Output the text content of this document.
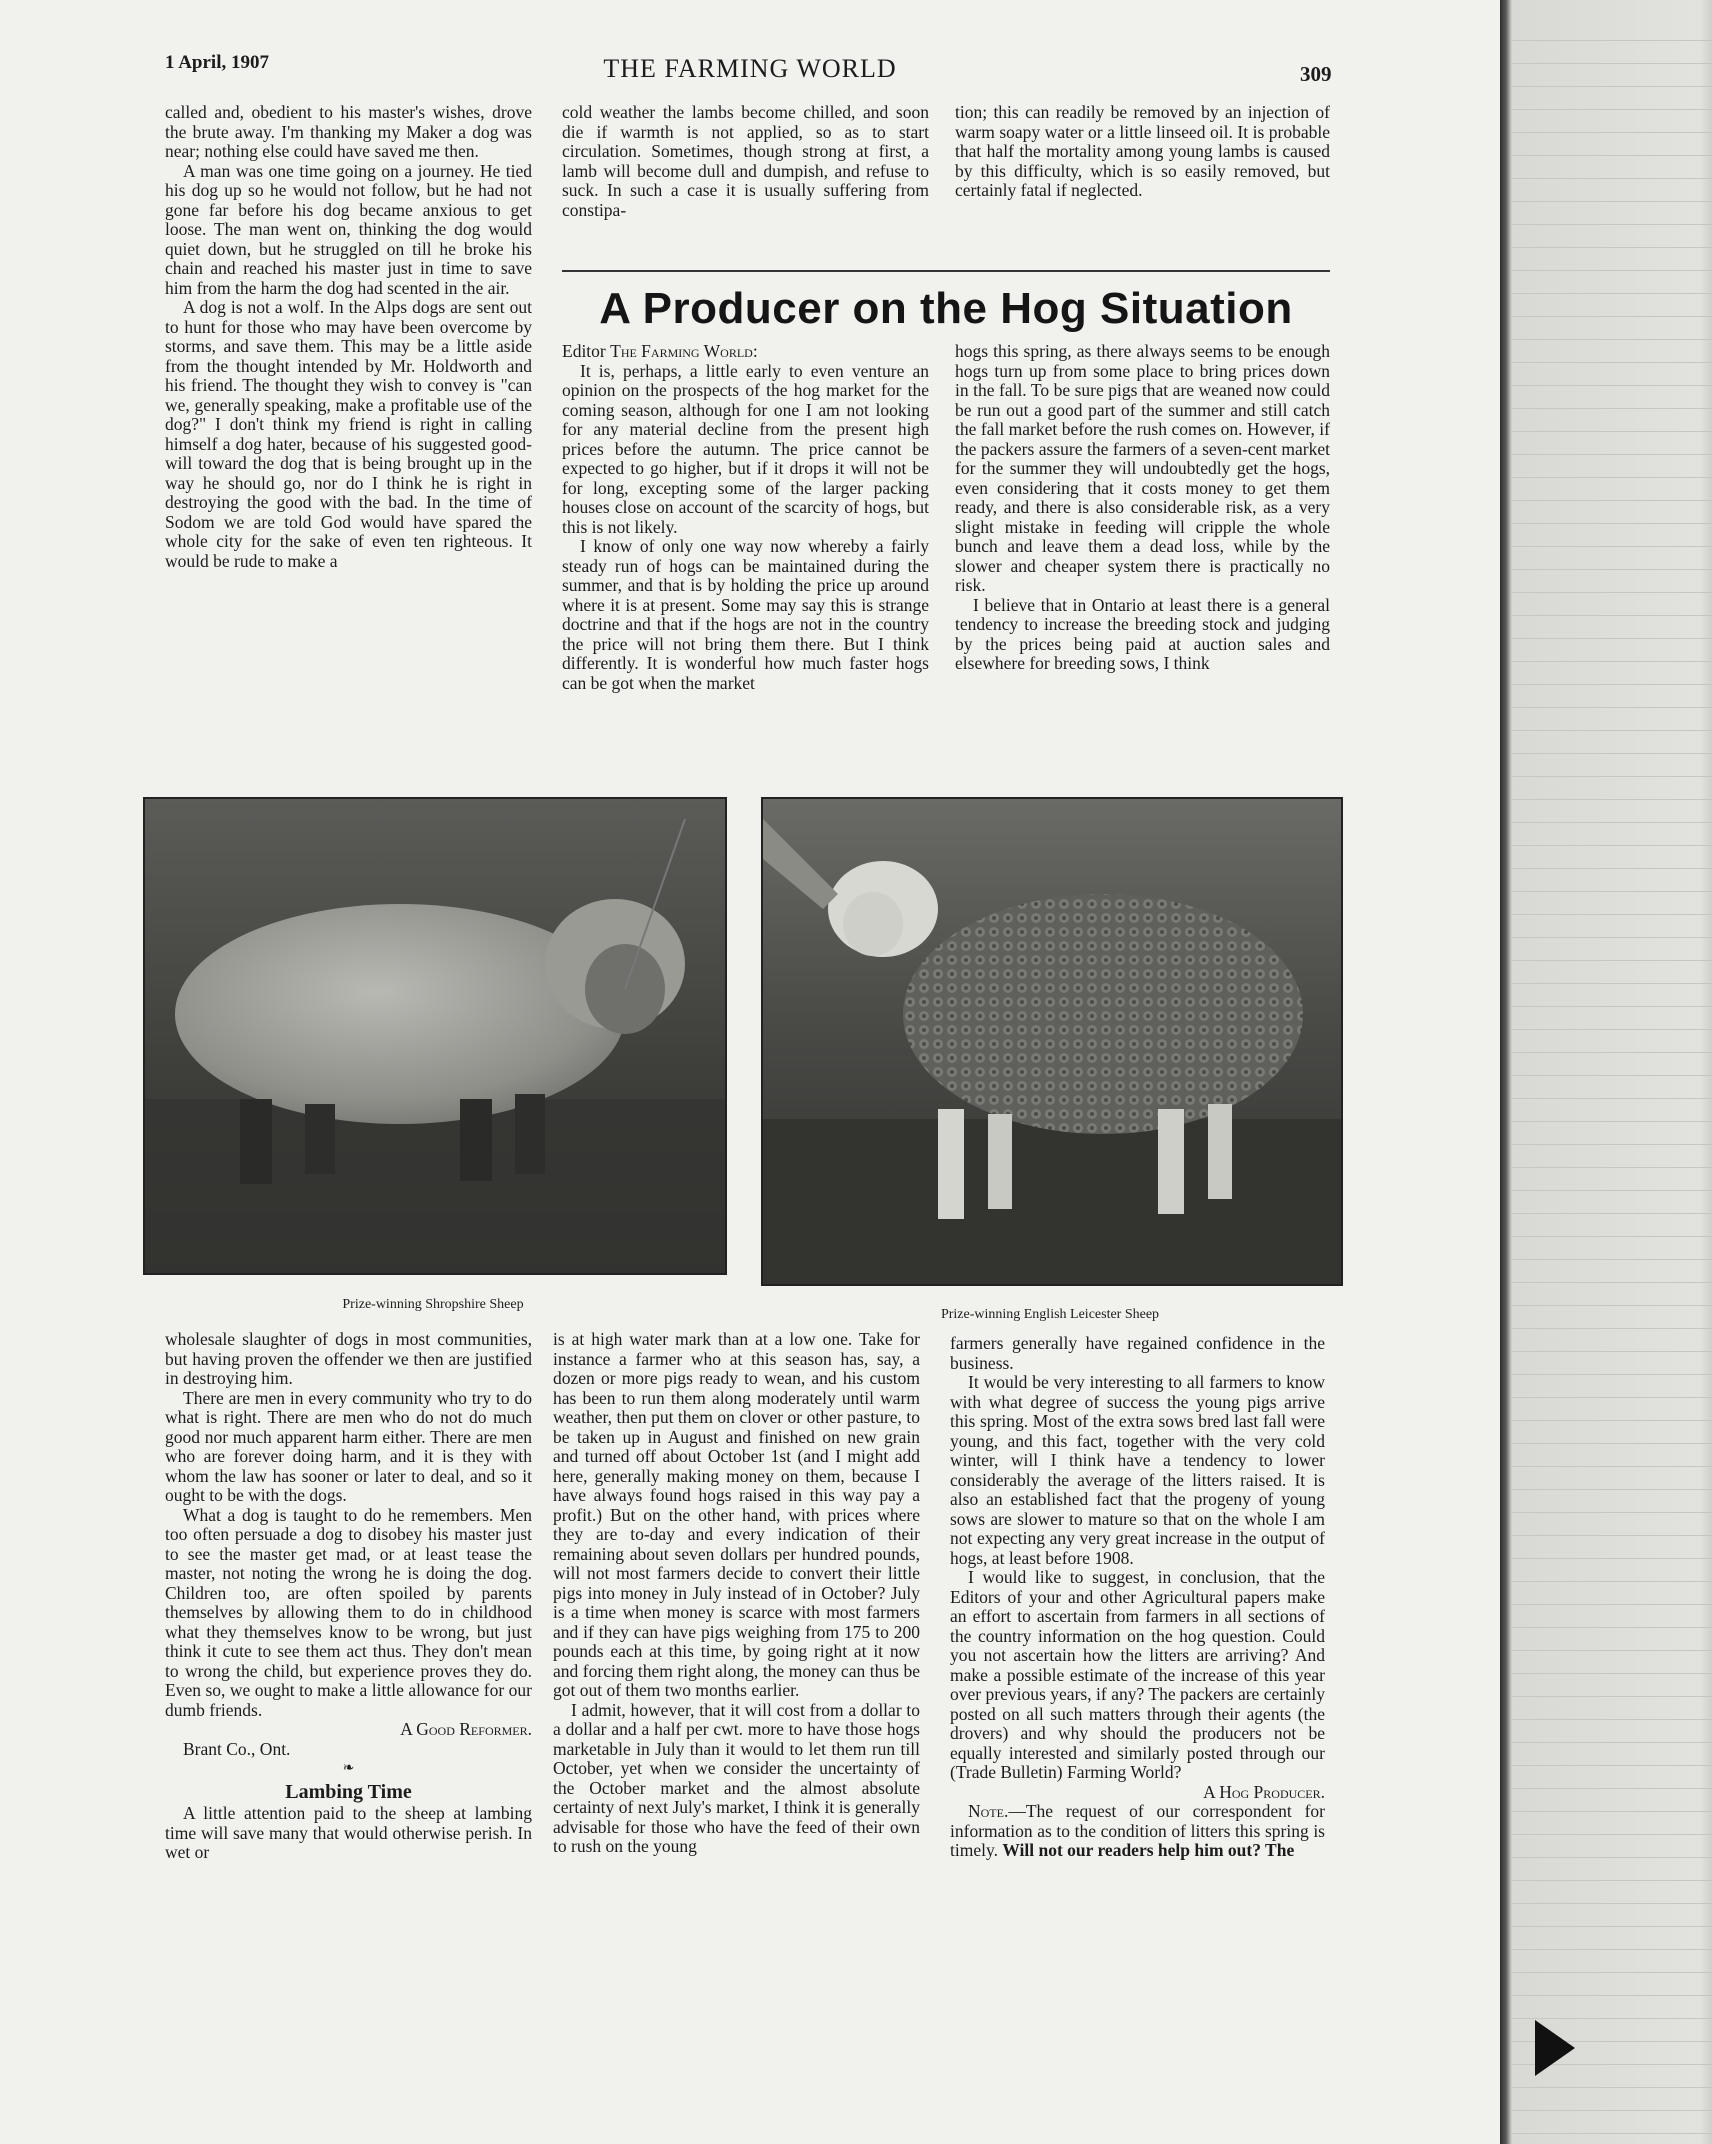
1 April, 1907	THE FARMING WORLD	309

called and, obedient to his master's wishes, drove the brute away. I'm thanking my Maker a dog was near; nothing else could have saved me then.

A man was one time going on a journey. He tied his dog up so he would not follow, but he had not gone far before his dog became anxious to get loose. The man went on, thinking the dog would quiet down, but he struggled on till he broke his chain and reached his master just in time to save him from the harm the dog had scented in the air.

A dog is not a wolf. In the Alps dogs are sent out to hunt for those who may have been overcome by storms, and save them. This may be a little aside from the thought intended by Mr. Holdworth and his friend. The thought they wish to convey is "can we, generally speaking, make a profitable use of the dog?" I don't think my friend is right in calling himself a dog hater, because of his suggested good-will toward the dog that is being brought up in the way he should go, nor do I think he is right in destroying the good with the bad. In the time of Sodom we are told God would have spared the whole city for the sake of even ten righteous. It would be rude to make a

cold weather the lambs become chilled, and soon die if warmth is not applied, so as to start circulation. Sometimes, though strong at first, a lamb will become dull and dumpish, and refuse to suck. In such a case it is usually suffering from constipa-

tion; this can readily be removed by an injection of warm soapy water or a little linseed oil. It is probable that half the mortality among young lambs is caused by this difficulty, which is so easily removed, but certainly fatal if neglected.

A Producer on the Hog Situation

Editor The Farming World:

It is, perhaps, a little early to even venture an opinion on the prospects of the hog market for the coming season, although for one I am not looking for any material decline from the present high prices before the autumn. The price cannot be expected to go higher, but if it drops it will not be for long, excepting some of the larger packing houses close on account of the scarcity of hogs, but this is not likely.

I know of only one way now whereby a fairly steady run of hogs can be maintained during the summer, and that is by holding the price up around where it is at present. Some may say this is strange doctrine and that if the hogs are not in the country the price will not bring them there. But I think differently. It is wonderful how much faster hogs can be got when the market

hogs this spring, as there always seems to be enough hogs turn up from some place to bring prices down in the fall. To be sure pigs that are weaned now could be run out a good part of the summer and still catch the fall market before the rush comes on. However, if the packers assure the farmers of a seven-cent market for the summer they will undoubtedly get the hogs, even considering that it costs money to get them ready, and there is also considerable risk, as a very slight mistake in feeding will cripple the whole bunch and leave them a dead loss, while by the slower and cheaper system there is practically no risk.

I believe that in Ontario at least there is a general tendency to increase the breeding stock and judging by the prices being paid at auction sales and elsewhere for breeding sows, I think

Prize-winning Shropshire Sheep
Prize-winning English Leicester Sheep

wholesale slaughter of dogs in most communities, but having proven the offender we then are justified in destroying him.

There are men in every community who try to do what is right. There are men who do not do much good nor much apparent harm either. There are men who are forever doing harm, and it is they with whom the law has sooner or later to deal, and so it ought to be with the dogs.

What a dog is taught to do he remembers. Men too often persuade a dog to disobey his master just to see the master get mad, or at least tease the master, not noting the wrong he is doing the dog. Children too, are often spoiled by parents themselves by allowing them to do in childhood what they themselves know to be wrong, but just think it cute to see them act thus. They don't mean to wrong the child, but experience proves they do. Even so, we ought to make a little allowance for our dumb friends.

A Good Reformer.

Brant Co., Ont.

❧

Lambing Time

A little attention paid to the sheep at lambing time will save many that would otherwise perish. In wet or

is at high water mark than at a low one. Take for instance a farmer who at this season has, say, a dozen or more pigs ready to wean, and his custom has been to run them along moderately until warm weather, then put them on clover or other pasture, to be taken up in August and finished on new grain and turned off about October 1st (and I might add here, generally making money on them, because I have always found hogs raised in this way pay a profit.) But on the other hand, with prices where they are to-day and every indication of their remaining about seven dollars per hundred pounds, will not most farmers decide to convert their little pigs into money in July instead of in October? July is a time when money is scarce with most farmers and if they can have pigs weighing from 175 to 200 pounds each at this time, by going right at it now and forcing them right along, the money can thus be got out of them two months earlier.

I admit, however, that it will cost from a dollar to a dollar and a half per cwt. more to have those hogs marketable in July than it would to let them run till October, yet when we consider the uncertainty of the October market and the almost absolute certainty of next July's market, I think it is generally advisable for those who have the feed of their own to rush on the young

farmers generally have regained confidence in the business.

It would be very interesting to all farmers to know with what degree of success the young pigs arrive this spring. Most of the extra sows bred last fall were young, and this fact, together with the very cold winter, will I think have a tendency to lower considerably the average of the litters raised. It is also an established fact that the progeny of young sows are slower to mature so that on the whole I am not expecting any very great increase in the output of hogs, at least before 1908.

I would like to suggest, in conclusion, that the Editors of your and other Agricultural papers make an effort to ascertain from farmers in all sections of the country information on the hog question. Could you not ascertain how the litters are arriving? And make a possible estimate of the increase of this year over previous years, if any? The packers are certainly posted on all such matters through their agents (the drovers) and why should the producers not be equally interested and similarly posted through our (Trade Bulletin) Farming World?

A Hog Producer.

Note.—The request of our correspondent for information as to the condition of litters this spring is timely. Will not our readers help him out? The
